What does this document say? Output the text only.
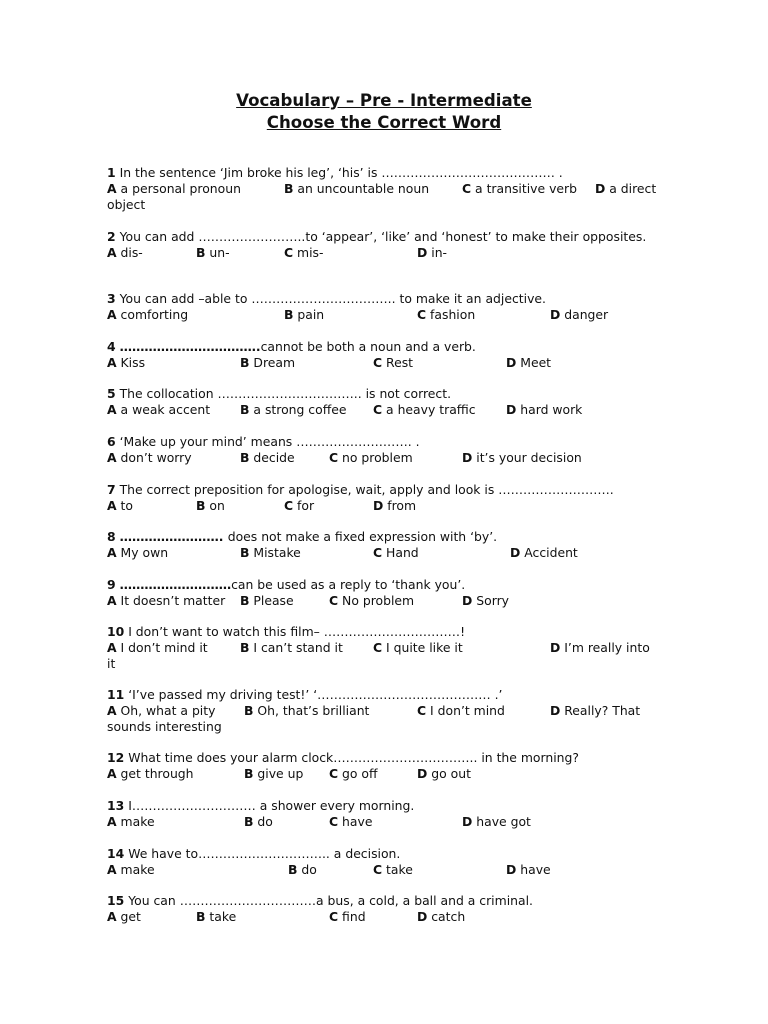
Vocabulary – Pre - Intermediate
Choose the Correct Word
1 In the sentence ‘Jim broke his leg’, ‘his’ is …………………………………… .
A a personal pronoun	B an uncountable noun	C a transitive verb D a direct
object
2 You can add ……………………..to ‘appear’, ‘like’ and ‘honest’ to make their opposites.
A dis-	B un-	C mis-	D in-
3 You can add –able to …………………………….. to make it an adjective.
A comforting	B pain	C fashion	D danger
4 …………………………….cannot be both a noun and a verb.
A Kiss	B Dream	C Rest	D Meet
5 The collocation …………………………….. is not correct.
A a weak accent B a strong coffee C a heavy traffic D hard work
6 ‘Make up your mind’ means ………………………. .
A don’t worry	B decide	C no problem	D it’s your decision
7 The correct preposition for apologise, wait, apply and look is ……………………….
A to	B on	C for	D from
8 ……………………. does not make a fixed expression with ‘by’.
A My own	B Mistake	C Hand	D Accident
9 ………………………can be used as a reply to ‘thank you’.
A It doesn’t matter B Please	C No problem	D Sorry
10 I don’t want to watch this film– ……………………………!
A I don’t mind it	B I can’t stand it C I quite like it	D I’m really into
it
11 ‘I’ve passed my driving test!’ ‘…………………………………… .’
A Oh, what a pity B Oh, that’s brilliant	C I don’t mind	D Really? That
sounds interesting
12 What time does your alarm clock…………………………….. in the morning?
A get through	B give up C go off	D go out
13 I………………………… a shower every morning.
A make	B do	C have	D have got
14 We have to………………………….. a decision.
A make	B do	C take	D have
15 You can ……………………………a bus, a cold, a ball and a criminal.
A get	B take	C find	D catch
